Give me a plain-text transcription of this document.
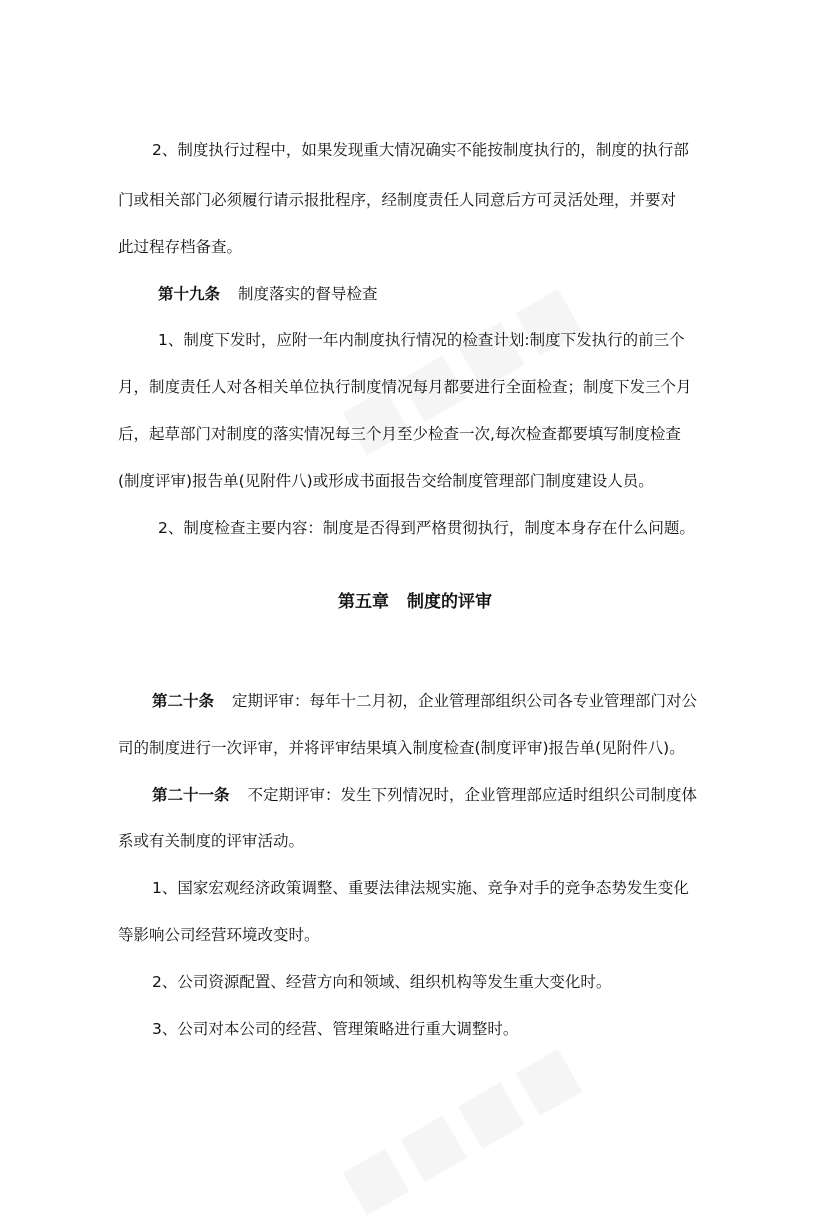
2、制度执行过程中，如果发现重大情况确实不能按制度执行的，制度的执行部

门或相关部门必须履行请示报批程序，经制度责任人同意后方可灵活处理，并要对

此过程存档备查。

第十九条 制度落实的督导检查

1、制度下发时，应附一年内制度执行情况的检查计划:制度下发执行的前三个

月，制度责任人对各相关单位执行制度情况每月都要进行全面检查；制度下发三个月

后，起草部门对制度的落实情况每三个月至少检查一次,每次检查都要填写制度检查

(制度评审)报告单(见附件八)或形成书面报告交给制度管理部门制度建设人员。

2、制度检查主要内容：制度是否得到严格贯彻执行，制度本身存在什么问题。

第五章 制度的评审

第二十条 定期评审：每年十二月初，企业管理部组织公司各专业管理部门对公

司的制度进行一次评审，并将评审结果填入制度检查(制度评审)报告单(见附件八)。

第二十一条 不定期评审：发生下列情况时，企业管理部应适时组织公司制度体

系或有关制度的评审活动。

1、国家宏观经济政策调整、重要法律法规实施、竞争对手的竞争态势发生变化

等影响公司经营环境改变时。

2、公司资源配置、经营方向和领域、组织机构等发生重大变化时。

3、公司对本公司的经营、管理策略进行重大调整时。
